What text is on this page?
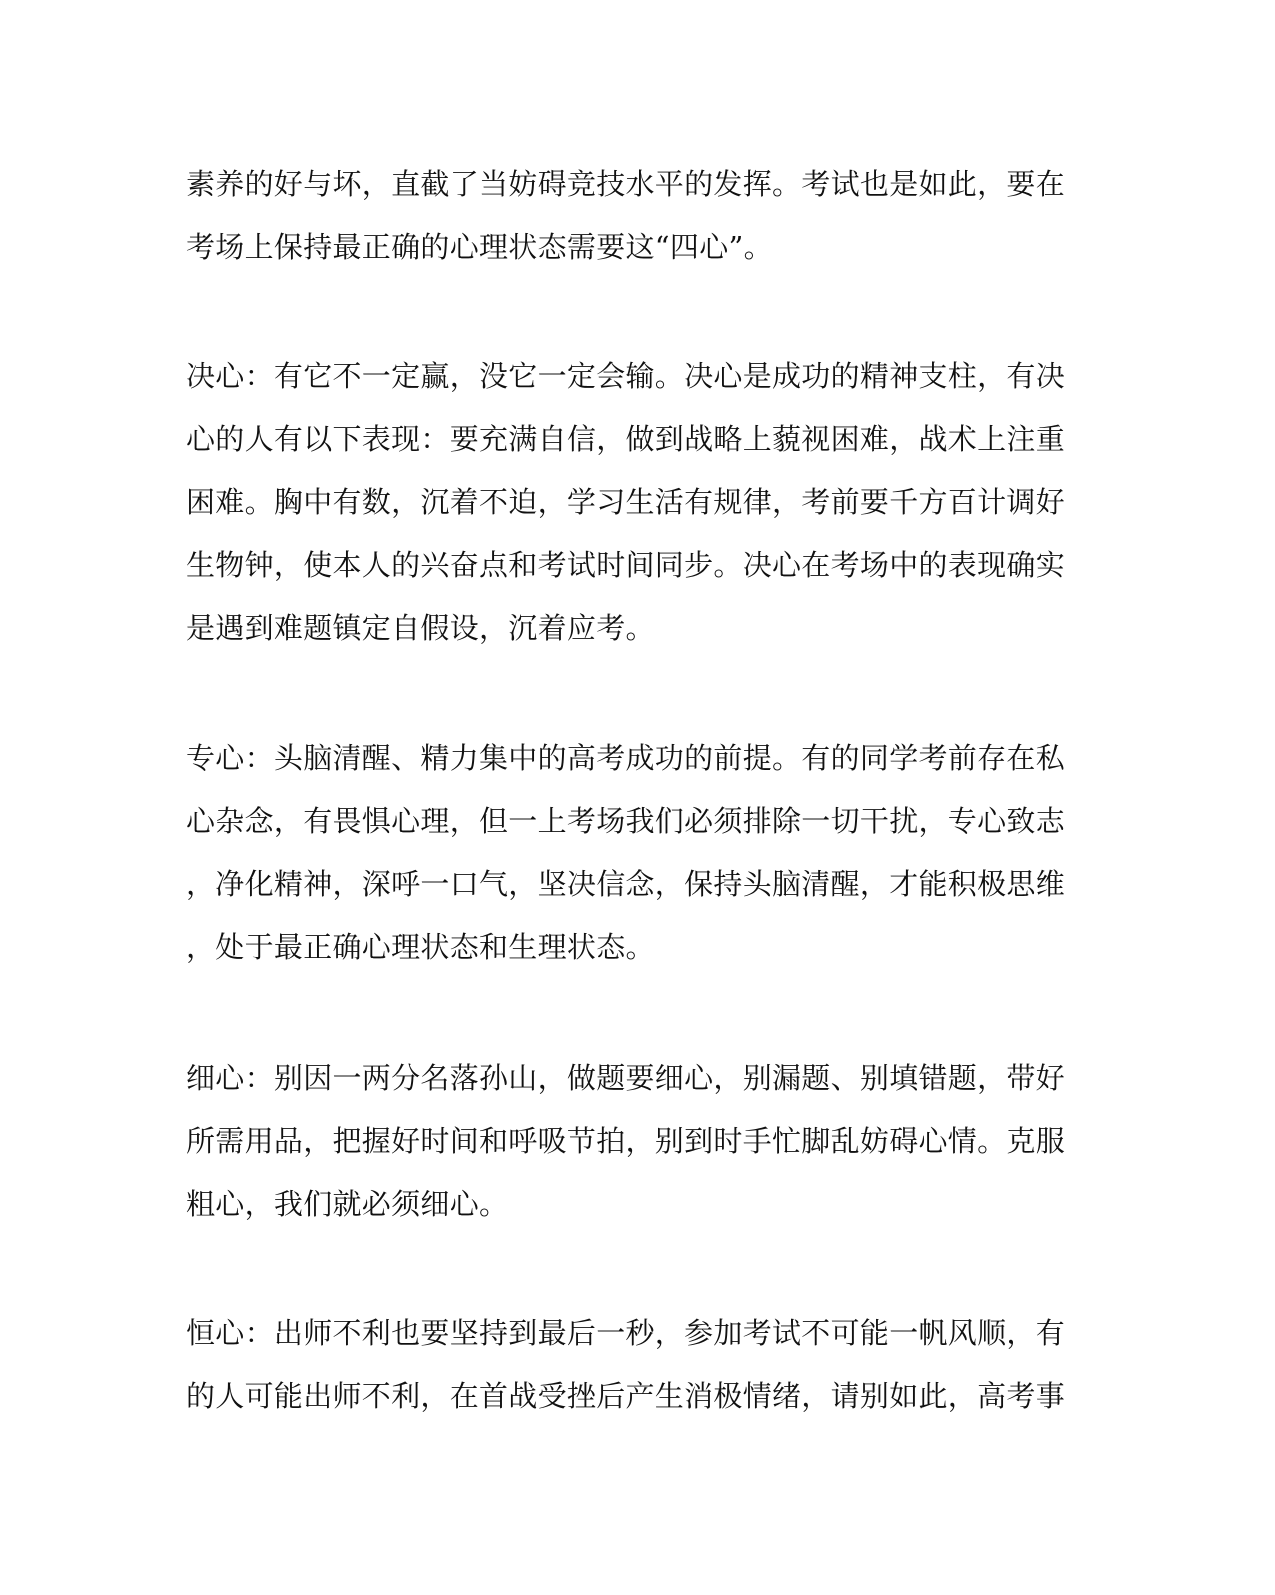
素养的好与坏，直截了当妨碍竞技水平的发挥。考试也是如此，要在
考场上保持最正确的心理状态需要这“四心”。
决心：有它不一定赢，没它一定会输。决心是成功的精神支柱，有决
心的人有以下表现：要充满自信，做到战略上藐视困难，战术上注重
困难。胸中有数，沉着不迫，学习生活有规律，考前要千方百计调好
生物钟，使本人的兴奋点和考试时间同步。决心在考场中的表现确实
是遇到难题镇定自假设，沉着应考。
专心：头脑清醒、精力集中的高考成功的前提。有的同学考前存在私
心杂念，有畏惧心理，但一上考场我们必须排除一切干扰，专心致志
，净化精神，深呼一口气，坚决信念，保持头脑清醒，才能积极思维
，处于最正确心理状态和生理状态。
细心：别因一两分名落孙山，做题要细心，别漏题、别填错题，带好
所需用品，把握好时间和呼吸节拍，别到时手忙脚乱妨碍心情。克服
粗心，我们就必须细心。
恒心：出师不利也要坚持到最后一秒，参加考试不可能一帆风顺，有
的人可能出师不利，在首战受挫后产生消极情绪，请别如此，高考事
